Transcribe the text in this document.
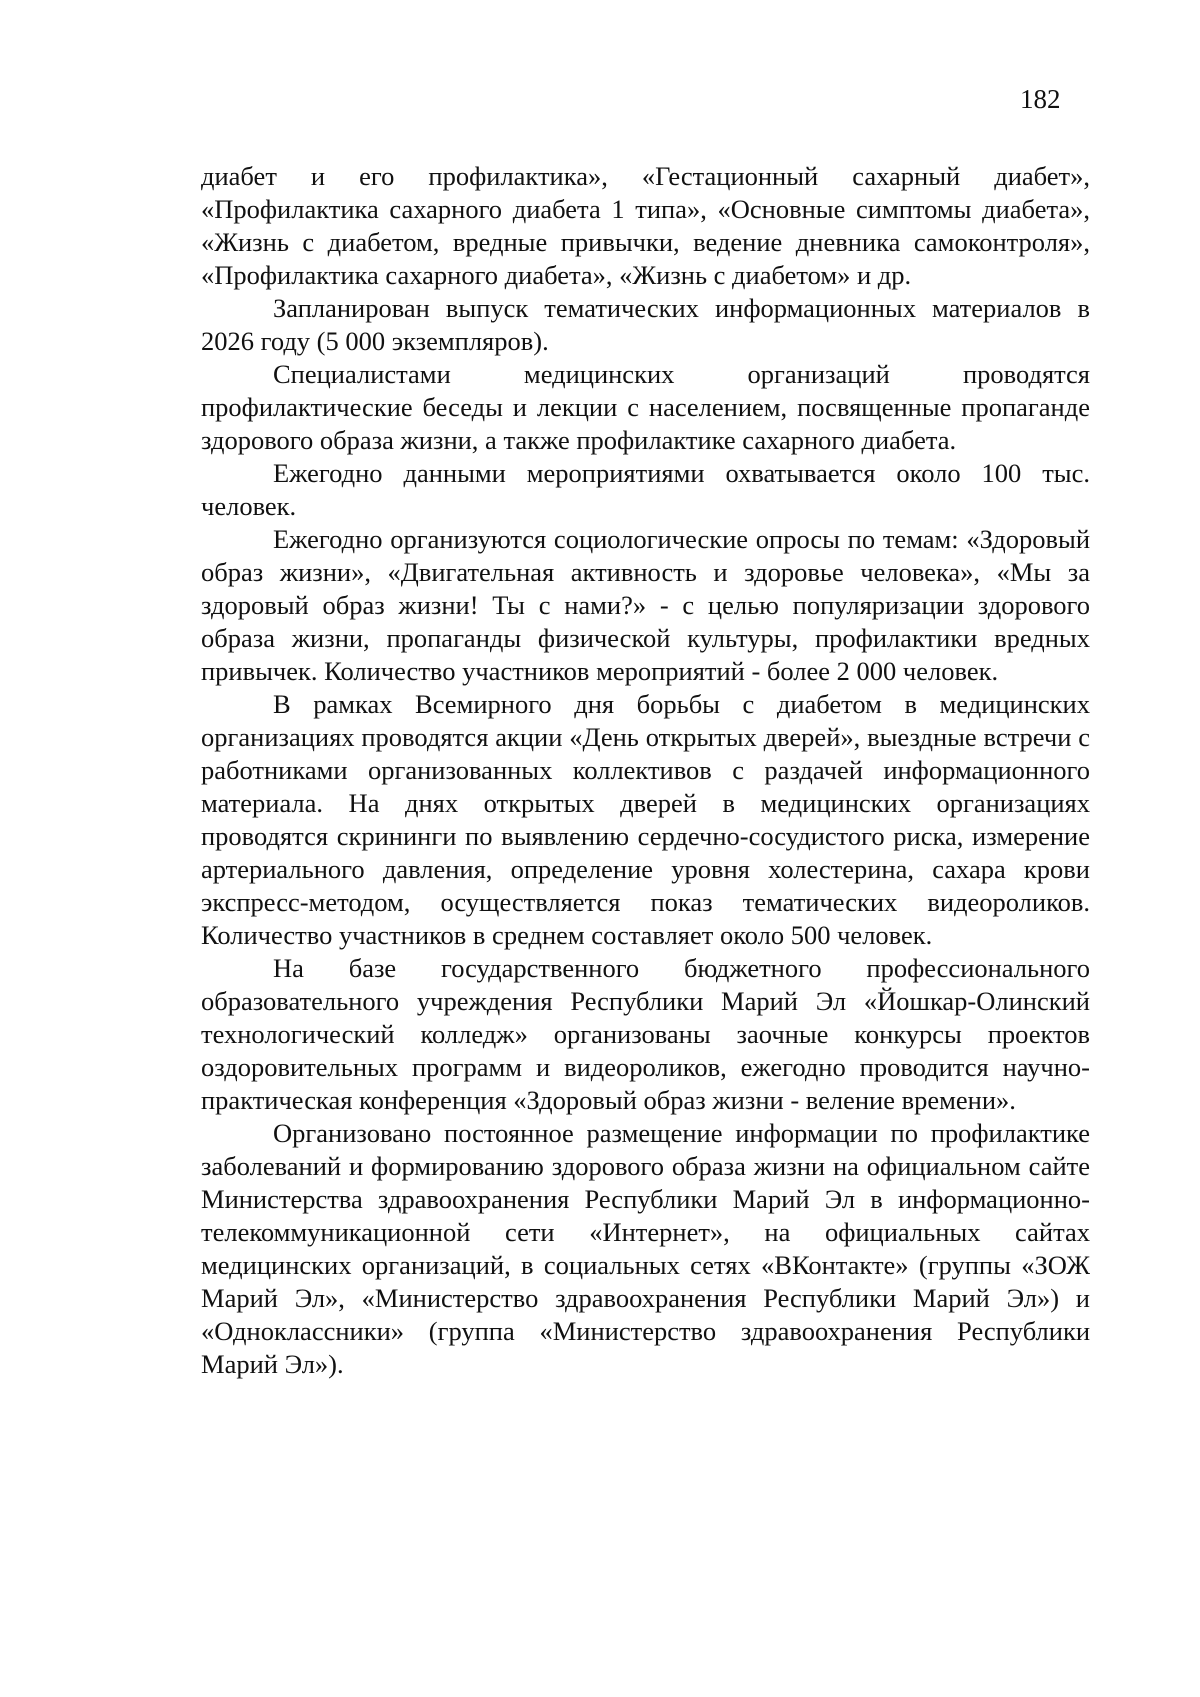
182

диабет и его профилактика», «Гестационный сахарный диабет», «Профилактика сахарного диабета 1 типа», «Основные симптомы диабета», «Жизнь с диабетом, вредные привычки, ведение дневника самоконтроля», «Профилактика сахарного диабета», «Жизнь с диабетом» и др.

Запланирован выпуск тематических информационных материалов в 2026 году (5 000 экземпляров).

Специалистами медицинских организаций проводятся профилактические беседы и лекции с населением, посвященные пропаганде здорового образа жизни, а также профилактике сахарного диабета.

Ежегодно данными мероприятиями охватывается около 100 тыс. человек.

Ежегодно организуются социологические опросы по темам: «Здоровый образ жизни», «Двигательная активность и здоровье человека», «Мы за здоровый образ жизни! Ты с нами?» - с целью популяризации здорового образа жизни, пропаганды физической культуры, профилактики вредных привычек. Количество участников мероприятий - более 2 000 человек.

В рамках Всемирного дня борьбы с диабетом в медицинских организациях проводятся акции «День открытых дверей», выездные встречи с работниками организованных коллективов с раздачей информационного материала. На днях открытых дверей в медицинских организациях проводятся скрининги по выявлению сердечно-сосудистого риска, измерение артериального давления, определение уровня холестерина, сахара крови экспресс-методом, осуществляется показ тематических видеороликов. Количество участников в среднем составляет около 500 человек.

На базе государственного бюджетного профессионального образовательного учреждения Республики Марий Эл «Йошкар-Олинский технологический колледж» организованы заочные конкурсы проектов оздоровительных программ и видеороликов, ежегодно проводится научно-практическая конференция «Здоровый образ жизни - веление времени».

Организовано постоянное размещение информации по профилактике заболеваний и формированию здорового образа жизни на официальном сайте Министерства здравоохранения Республики Марий Эл в информационно-телекоммуникационной сети «Интернет», на официальных сайтах медицинских организаций, в социальных сетях «ВКонтакте» (группы «ЗОЖ Марий Эл», «Министерство здравоохранения Республики Марий Эл») и «Одноклассники» (группа «Министерство здравоохранения Республики Марий Эл»).
